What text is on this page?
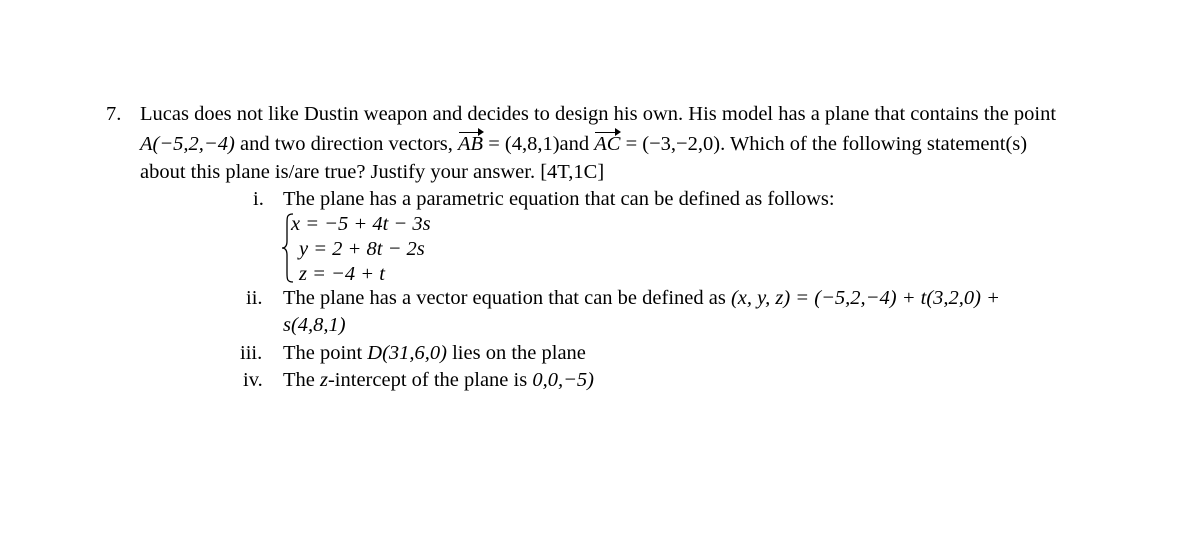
7. Lucas does not like Dustin weapon and decides to design his own. His model has a plane that contains the point
A(−5,2,−4) and two direction vectors, AB = (4,8,1)and AC = (−3,−2,0). Which of the following statement(s)
about this plane is/are true? Justify your answer. [4T,1C]
i. The plane has a parametric equation that can be defined as follows:
x = −5 + 4t − 3s
y = 2 + 8t − 2s
z = −4 + t
ii. The plane has a vector equation that can be defined as (x, y, z) = (−5,2,−4) + t(3,2,0) +
s(4,8,1)
iii. The point D(31,6,0) lies on the plane
iv. The z-intercept of the plane is 0,0,−5)
